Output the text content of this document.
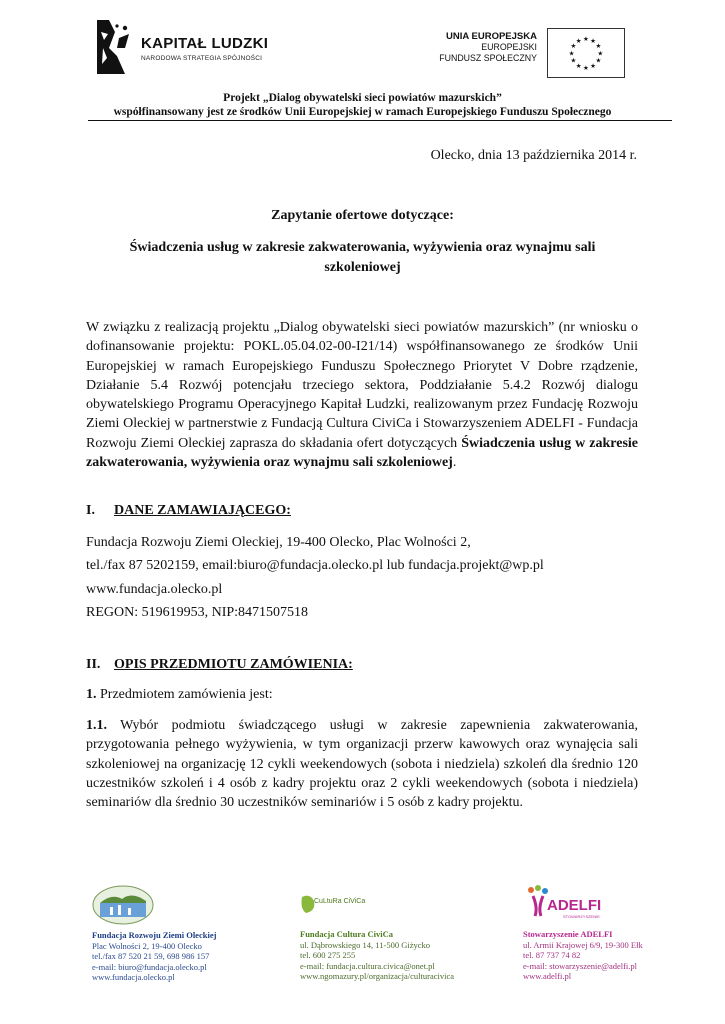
KAPITAŁ LUDZKI
NARODOWA STRATEGIA SPÓJNOŚCI
UNIA EUROPEJSKA
EUROPEJSKI
FUNDUSZ SPOŁECZNY	★
★
★
★
★
★
★
★
★ ★ ★
★
Projekt „Dialog obywatelski sieci powiatów mazurskich”
współfinansowany jest ze środków Unii Europejskiej w ramach Europejskiego Funduszu Społecznego
Olecko, dnia 13 października 2014 r.
Zapytanie ofertowe dotyczące:
Świadczenia usług w zakresie zakwaterowania, wyżywienia oraz wynajmu sali szkoleniowej
W związku z realizacją projektu „Dialog obywatelski sieci powiatów mazurskich” (nr wniosku o dofinansowanie projektu: POKL.05.04.02-00-I21/14) współfinansowanego ze środków Unii Europejskiej w ramach Europejskiego Funduszu Społecznego Priorytet V Dobre rządzenie, Działanie 5.4 Rozwój potencjału trzeciego sektora, Poddziałanie 5.4.2 Rozwój dialogu obywatelskiego Programu Operacyjnego Kapitał Ludzki, realizowanym przez Fundację Rozwoju Ziemi Oleckiej w partnerstwie z Fundacją Cultura CiviCa i Stowarzyszeniem ADELFI - Fundacja Rozwoju Ziemi Oleckiej zaprasza do składania ofert dotyczących Świadczenia usług w zakresie zakwaterowania, wyżywienia oraz wynajmu sali szkoleniowej.
I. DANE ZAMAWIAJĄCEGO:
Fundacja Rozwoju Ziemi Oleckiej, 19-400 Olecko, Plac Wolności 2,
tel./fax 87 5202159, email:biuro@fundacja.olecko.pl lub fundacja.projekt@wp.pl
www.fundacja.olecko.pl
REGON: 519619953, NIP:8471507518
II. OPIS PRZEDMIOTU ZAMÓWIENIA:
1. Przedmiotem zamówienia jest:
1.1. Wybór podmiotu świadczącego usługi w zakresie zapewnienia zakwaterowania, przygotowania pełnego wyżywienia, w tym organizacji przerw kawowych oraz wynajęcia sali szkoleniowej na organizację 12 cykli weekendowych (sobota i niedziela) szkoleń dla średnio 120 uczestników szkoleń i 4 osób z kadry projektu oraz 2 cykli weekendowych (sobota i niedziela) seminariów dla średnio 30 uczestników seminariów i 5 osób z kadry projektu.
CuLtuRa CiViCa	ADELFI
STOWARZYSZENIE
Fundacja Rozwoju Ziemi Oleckiej
Plac Wolności 2, 19-400 Olecko
tel./fax 87 520 21 59, 698 986 157
e-mail: biuro@fundacja.olecko.pl
www.fundacja.olecko.pl
Fundacja Cultura CiviCa
ul. Dąbrowskiego 14, 11-500 Giżycko
tel. 600 275 255
e-mail: fundacja.cultura.civica@onet.pl
www.ngomazury.pl/organizacja/culturacivica
Stowarzyszenie ADELFI
ul. Armii Krajowej 6/9, 19-300 Ełk
tel. 87 737 74 82
e-mail: stowarzyszenie@adelfi.pl
www.adelfi.pl
